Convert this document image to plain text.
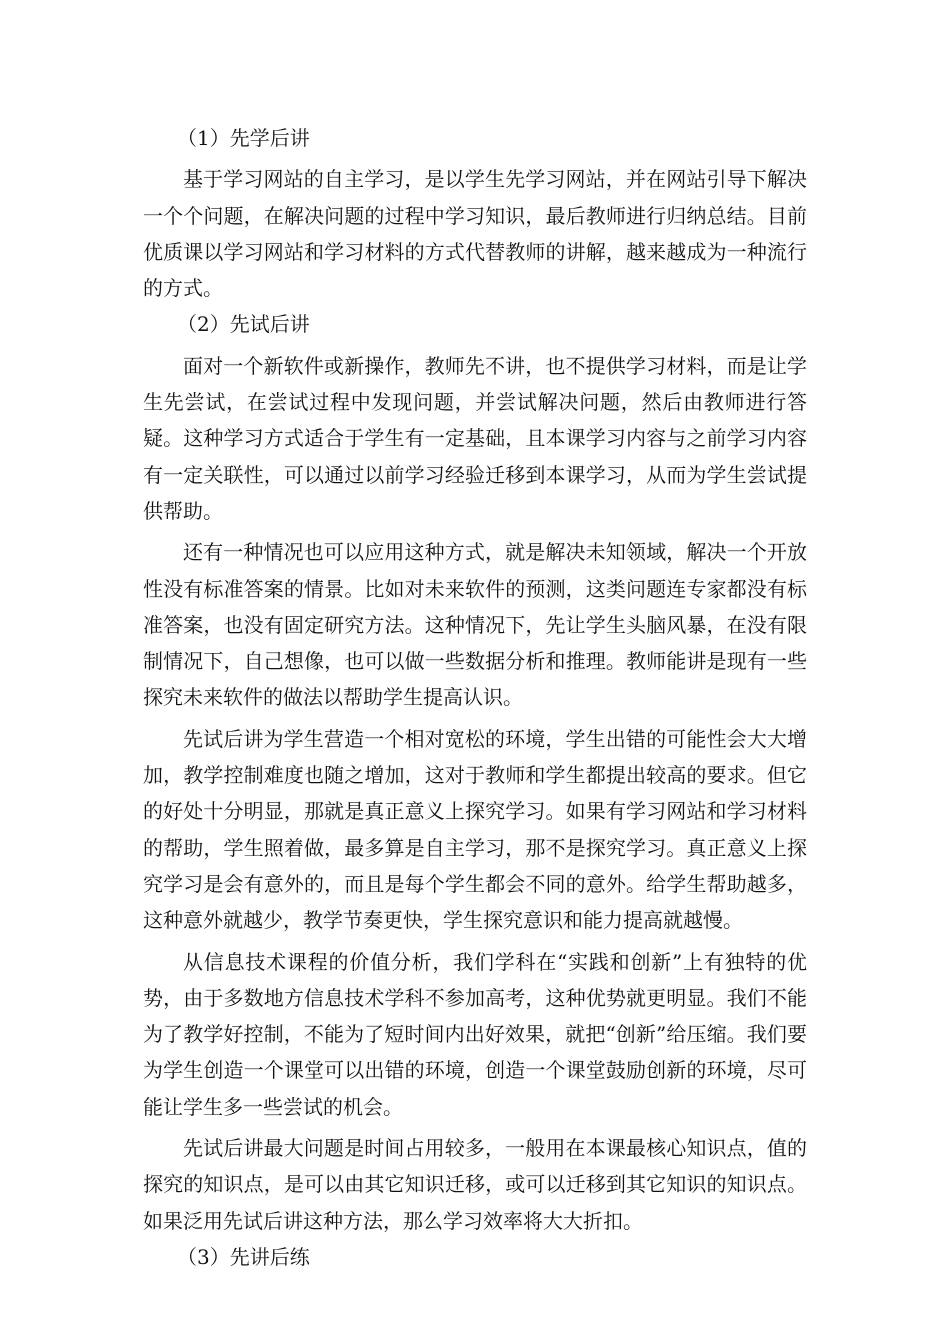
（1）先学后讲

基于学习网站的自主学习，是以学生先学习网站，并在网站引导下解决一个个问题，在解决问题的过程中学习知识，最后教师进行归纳总结。目前优质课以学习网站和学习材料的方式代替教师的讲解，越来越成为一种流行的方式。

（2）先试后讲

面对一个新软件或新操作，教师先不讲，也不提供学习材料，而是让学生先尝试，在尝试过程中发现问题，并尝试解决问题，然后由教师进行答疑。这种学习方式适合于学生有一定基础，且本课学习内容与之前学习内容有一定关联性，可以通过以前学习经验迁移到本课学习，从而为学生尝试提供帮助。

还有一种情况也可以应用这种方式，就是解决未知领域，解决一个开放性没有标准答案的情景。比如对未来软件的预测，这类问题连专家都没有标准答案，也没有固定研究方法。这种情况下，先让学生头脑风暴，在没有限制情况下，自己想像，也可以做一些数据分析和推理。教师能讲是现有一些探究未来软件的做法以帮助学生提高认识。

先试后讲为学生营造一个相对宽松的环境，学生出错的可能性会大大增加，教学控制难度也随之增加，这对于教师和学生都提出较高的要求。但它的好处十分明显，那就是真正意义上探究学习。如果有学习网站和学习材料的帮助，学生照着做，最多算是自主学习，那不是探究学习。真正意义上探究学习是会有意外的，而且是每个学生都会不同的意外。给学生帮助越多，这种意外就越少，教学节奏更快，学生探究意识和能力提高就越慢。

从信息技术课程的价值分析，我们学科在“实践和创新”上有独特的优势，由于多数地方信息技术学科不参加高考，这种优势就更明显。我们不能为了教学好控制，不能为了短时间内出好效果，就把“创新”给压缩。我们要为学生创造一个课堂可以出错的环境，创造一个课堂鼓励创新的环境，尽可能让学生多一些尝试的机会。

先试后讲最大问题是时间占用较多，一般用在本课最核心知识点，值的探究的知识点，是可以由其它知识迁移，或可以迁移到其它知识的知识点。如果泛用先试后讲这种方法，那么学习效率将大大折扣。

（3）先讲后练
